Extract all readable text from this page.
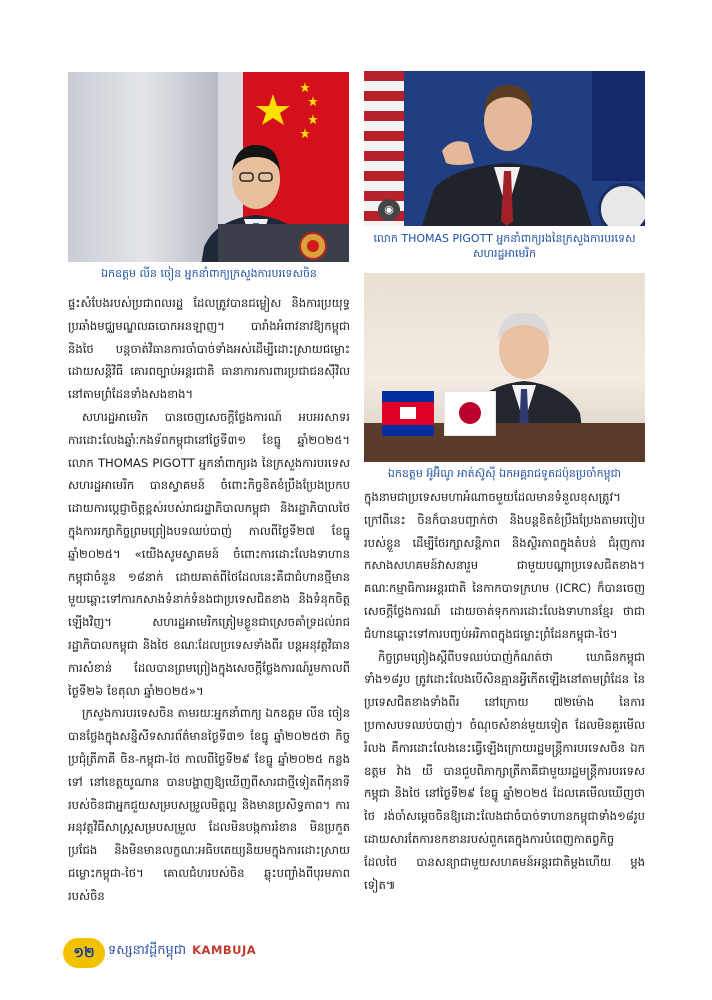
ឯកឧត្តម លីន ចៀន អ្នកនាំពាក្យក្រសួងការបរទេសចិន
◉
លោក THOMAS PIGOTT អ្នកនាំពាក្យរងនៃក្រសួងការបរទេសសហរដ្ឋអាមេរិក
ឯកឧត្តម អ៊ូអ៊ិណូ អាត់ស៊ូស៊ី ឯកអគ្គរាជទូតជប៉ុនប្រចាំកម្ពុជា

ផ្ទះសំបែងរបស់ប្រជាពលរដ្ឋ ដែលត្រូវបានជម្លៀស និងការប្រយុទ្ធប្រឆាំងមជ្ឈមណ្ឌលឆបោកអនឡាញ។ បារាំងអំពាវនាវឱ្យកម្ពុជា និងថៃ បន្តចាត់វិធានការចាំបាច់ទាំងអស់ដើម្បីដោះស្រាយជម្លោះដោយសន្តិវិធី គោរពច្បាប់អន្តរជាតិ ធានាការការពារប្រជាជនស៊ីវិលនៅតាមព្រំដែនទាំងសងខាង។

សហរដ្ឋអាមេរិក បានចេញសេចក្ដីថ្លែងការណ៍ អបអរសាទរការដោះលែងឆ្នាំៈកងទ័ពកម្ពុជានៅថ្ងៃទី៣១ ខែធ្នូ ឆ្នាំ២០២៥។ លោក THOMAS PIGOTT អ្នកនាំពាក្យរង នៃក្រសួងការបរទេសសហរដ្ឋអាមេរិក បានស្វាគមន៍ ចំពោះកិច្ចខិតខំប្រឹងប្រែងប្រកបដោយការប្ដេជ្ញាចិត្តខ្ពស់របស់រាជរដ្ឋាភិបាលកម្ពុជា និងរដ្ឋាភិបាលថៃ ក្នុងការរក្សាកិច្ចព្រមព្រៀងបទឈប់បាញ់ កាលពីថ្ងៃទី២៧ ខែធ្នូ ឆ្នាំ២០២៥។ «យើងសូមស្វាគមន៍ ចំពោះការដោះលែងទាហានកម្ពុជាចំនួន ១៨នាក់ ដោយគាត់ពីថៃដែលនេះគឺជាជំហានថ្មីមានមួយឆ្ពោះទៅការកសាងទំនាក់ទំនងជាប្រទេសជិតខាង និងទំនុកចិត្តឡើងវិញ។ សហរដ្ឋអាមេរិកត្រៀមខ្លួនជាស្រេចគាំទ្រដល់រាជរដ្ឋាភិបាលកម្ពុជា និងថៃ ខណៈដែលប្រទេសទាំងពីរ បន្តអនុវត្តវិធានការសំខាន់ ដែលបានព្រមព្រៀងក្នុងសេចក្ដីថ្លែងការណ៍រួមកាលពីថ្ងៃទី២៦ ខែតុលា ឆ្នាំ២០២៥»។

ក្រសួងការបរទេសចិន តាមរយៈអ្នកនាំពាក្យ ឯកឧត្តម លីន ចៀន បានថ្លែងក្នុងសន្និសីទសារព័ត៌មានថ្ងៃទី៣១ ខែធ្នូ ឆ្នាំ២០២៥ថា កិច្ចប្រជុំត្រីភាគី ចិន-កម្ពុជា-ថៃ កាលពីថ្ងៃទី២៩ ខែធ្នូ ឆ្នាំ២០២៥ កន្លងទៅ នៅខេត្តយូណាន បានបង្ហាញឱ្យឃើញពីសារជាថ្មីទៀតពីកុនាទីរបស់ចិនជាអ្នកជួយសម្របសម្រួលមិត្តល្អ និងមានប្រសិទ្ធភាព។ ការអនុវត្តវិធីសាស្ត្រសម្របសម្រួល ដែលមិនបង្កការរំខាន មិនប្រកួតប្រជែង និងមិនមានលក្ខណៈអធិបតេយ្យនិយមក្នុងការដោះស្រាយជម្លោះកម្ពុជា-ថៃ។ គោលជំហរបស់ចិន ឆ្លុះបញ្ចាំងពីបុរមភាពរបស់ចិន

ក្នុងនាមជាប្រទេសមហាអំណាចមួយដែលមានទំនួលខុសត្រូវ។ ក្រៅពីនេះ ចិនក៏បានបញ្ជាក់ថា និងបន្តខិតខំប្រឹងប្រែងតាមរបៀបរបស់ខ្លួន ដើម្បីថែរក្សាសន្តិភាព និងស្ថិរភាពក្នុងតំបន់ ជំរុញការកសាងសហគមន៍វាសនារួម ជាមួយបណ្ដាប្រទេសជិតខាង។ គណៈកម្មាធិការអន្តរជាតិ នៃកាកបាទក្រហម (ICRC) ក៏បានចេញសេចក្ដីថ្លែងការណ៍ ដោយចាត់ទុកការដោះលែងទាហានខ្មែរ ថាជាជំហានឆ្ពោះទៅការបញ្ចប់អរិភាពក្នុងជម្លោះព្រំដែនកម្ពុជា-ថៃ។

កិច្ចព្រមព្រៀងស្ដីពីបទឈប់បាញ់កំណត់ថា ឃោធិនកម្ពុជាទាំង១៨រូប ត្រូវដោះលែងបើសិនគ្មានអ្វីកើតឡើងនៅតាមព្រំដែន នៃប្រទេសជិតខាងទាំងពីរ នៅក្រោយ ៧២ម៉ោង នៃការប្រកាសបទឈប់បាញ់។ ចំណុចសំខាន់មួយទៀត ដែលមិនគួរមើលរំលង គឺការដោះលែងនេះធ្វើឡើងក្រោយរដ្ឋមន្ត្រីការបរទេសចិន ឯកឧត្តម វ៉ាង យី បានជួបពិភាក្សាត្រីភាគីជាមួយរដ្ឋមន្ត្រីការបរទេសកម្ពុជា និងថៃ នៅថ្ងៃទី២៩ ខែធ្នូ ឆ្នាំ២០២៥ ដែលគេមើលឃើញថា ថៃ រង់ចាំសម្ដេចចិនឱ្យដោះលែងជាចំបាច់ទាហានកម្ពុជាទាំង១៨រូប ដោយសារតែការខកខានរបស់ពួកគេក្នុងការបំពេញកាតព្វកិច្ច ដែលថៃ បានសន្យាជាមួយសហគមន៍អន្តរជាតិម្ដងហើយ ម្ដងទៀត៕

១២	ទស្សនាវដ្ដីកម្ពុជា KAMBUJA
